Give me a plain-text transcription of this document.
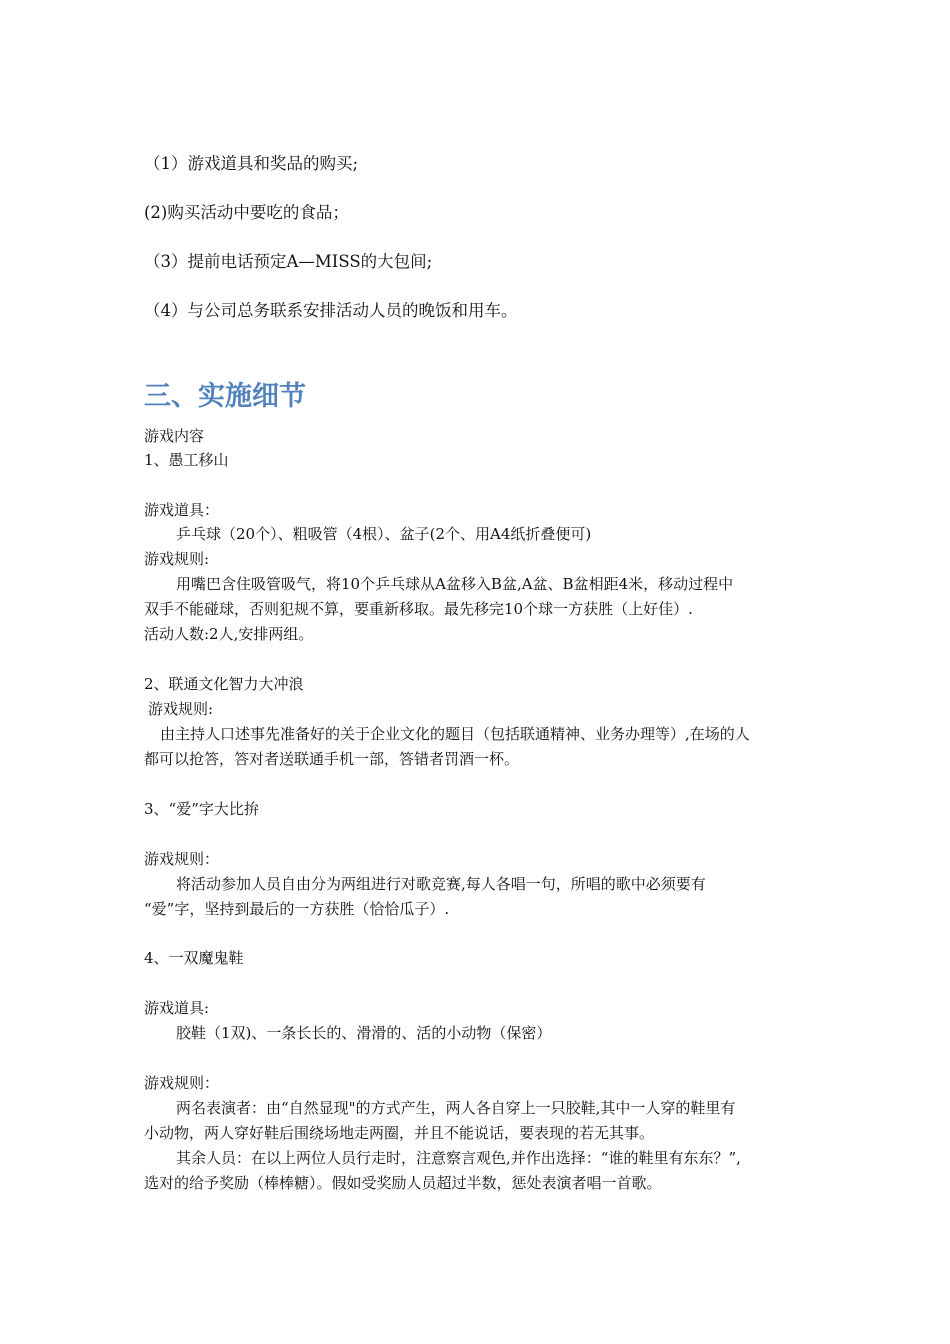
（1）游戏道具和奖品的购买;
(2)购买活动中要吃的食品；
（3）提前电话预定A—MISS的大包间;
（4）与公司总务联系安排活动人员的晚饭和用车。
三、实施细节
游戏内容
1、愚工移山
游戏道具：
乒乓球（20个）、粗吸管（4根）、盆子(2个、用A4纸折叠便可)
游戏规则:
用嘴巴含住吸管吸气，将10个乒乓球从A盆移入B盆,A盆、B盆相距4米，移动过程中
双手不能碰球，否则犯规不算，要重新移取。最先移完10个球一方获胜（上好佳）.
活动人数:2人,安排两组。
2、联通文化智力大冲浪
游戏规则:
由主持人口述事先准备好的关于企业文化的题目（包括联通精神、业务办理等）,在场的人
都可以抢答，答对者送联通手机一部，答错者罚酒一杯。
3、“爱”字大比拚
游戏规则：
将活动参加人员自由分为两组进行对歌竞赛,每人各唱一句，所唱的歌中必须要有
“爱”字，坚持到最后的一方获胜（恰恰瓜子）.
4、一双魔鬼鞋
游戏道具:
胶鞋（1双)、一条长长的、滑滑的、活的小动物（保密）
游戏规则：
两名表演者：由“自然显现"的方式产生，两人各自穿上一只胶鞋,其中一人穿的鞋里有
小动物，两人穿好鞋后围绕场地走两圈，并且不能说话，要表现的若无其事。
其余人员：在以上两位人员行走时，注意察言观色,并作出选择：“谁的鞋里有东东？”,
选对的给予奖励（棒棒糖）。假如受奖励人员超过半数，惩处表演者唱一首歌。
